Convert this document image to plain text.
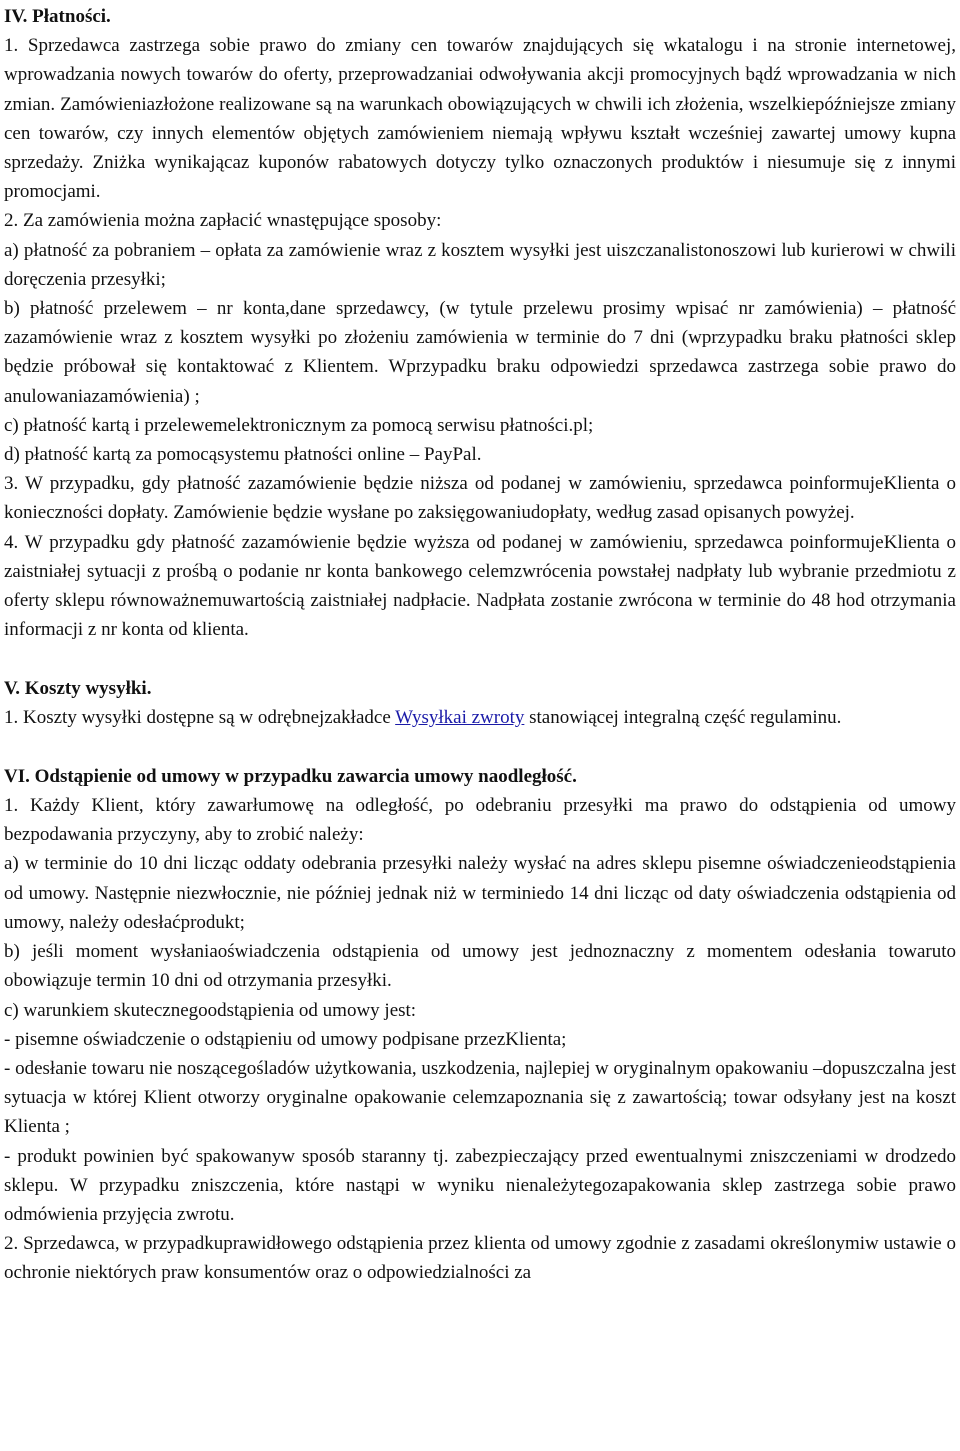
IV. Płatności.

1. Sprzedawca zastrzega sobie prawo do zmiany cen towarów znajdujących się wkatalogu i na stronie internetowej, wprowadzania nowych towarów do oferty, przeprowadzaniai odwoływania akcji promocyjnych bądź wprowadzania w nich zmian. Zamówieniazłożone realizowane są na warunkach obowiązujących w chwili ich złożenia, wszelkiepóźniejsze zmiany cen towarów, czy innych elementów objętych zamówieniem niemają wpływu kształt wcześniej zawartej umowy kupna sprzedaży. Zniżka wynikającaz kuponów rabatowych dotyczy tylko oznaczonych produktów i niesumuje się z innymi promocjami.

2. Za zamówienia można zapłacić wnastępujące sposoby:

a) płatność za pobraniem – opłata za zamówienie wraz z kosztem wysyłki jest uiszczanalistonoszowi lub kurierowi w chwili doręczenia przesyłki;

b) płatność przelewem – nr konta,dane sprzedawcy, (w tytule przelewu prosimy wpisać nr zamówienia) – płatność zazamówienie wraz z kosztem wysyłki po złożeniu zamówienia w terminie do 7 dni (wprzypadku braku płatności sklep będzie próbował się kontaktować z Klientem. Wprzypadku braku odpowiedzi sprzedawca zastrzega sobie prawo do anulowaniazamówienia) ;

c) płatność kartą i przelewemelektronicznym za pomocą serwisu płatności.pl;

d) płatność kartą za pomocąsystemu płatności online – PayPal.

3. W przypadku, gdy płatność zazamówienie będzie niższa od podanej w zamówieniu, sprzedawca poinformujeKlienta o konieczności dopłaty. Zamówienie będzie wysłane po zaksięgowaniudopłaty, według zasad opisanych powyżej.

4. W przypadku gdy płatność zazamówienie będzie wyższa od podanej w zamówieniu, sprzedawca poinformujeKlienta o zaistniałej sytuacji z prośbą o podanie nr konta bankowego celemzwrócenia powstałej nadpłaty lub wybranie przedmiotu z oferty sklepu równoważnemuwartością zaistniałej nadpłacie. Nadpłata zostanie zwrócona w terminie do 48 hod otrzymania informacji z nr konta od klienta.

V. Koszty wysyłki.

1. Koszty wysyłki dostępne są w odrębnejzakładce Wysyłkai zwroty stanowiącej integralną część regulaminu.

VI. Odstąpienie od umowy w przypadku zawarcia umowy naodległość.

1. Każdy Klient, który zawarłumowę na odległość, po odebraniu przesyłki ma prawo do odstąpienia od umowy bezpodawania przyczyny, aby to zrobić należy:

a) w terminie do 10 dni licząc oddaty odebrania przesyłki należy wysłać na adres sklepu pisemne oświadczenieodstąpienia od umowy. Następnie niezwłocznie, nie później jednak niż w terminiedo 14 dni licząc od daty oświadczenia odstąpienia od umowy, należy odesłaćprodukt;

b) jeśli moment wysłaniaoświadczenia odstąpienia od umowy jest jednoznaczny z momentem odesłania towaruto obowiązuje termin 10 dni od otrzymania przesyłki.

c) warunkiem skutecznegoodstąpienia od umowy jest:

- pisemne oświadczenie o odstąpieniu od umowy podpisane przezKlienta;

- odesłanie towaru nie noszącegośladów użytkowania, uszkodzenia, najlepiej w oryginalnym opakowaniu –dopuszczalna jest sytuacja w której Klient otworzy oryginalne opakowanie celemzapoznania się z zawartością; towar odsyłany jest na koszt Klienta ;

- produkt powinien być spakowanyw sposób staranny tj. zabezpieczający przed ewentualnymi zniszczeniami w drodzedo sklepu. W przypadku zniszczenia, które nastąpi w wyniku nienależytegozapakowania sklep zastrzega sobie prawo odmówienia przyjęcia zwrotu.

2. Sprzedawca, w przypadkuprawidłowego odstąpienia przez klienta od umowy zgodnie z zasadami określonymiw ustawie o ochronie niektórych praw konsumentów oraz o odpowiedzialności za
